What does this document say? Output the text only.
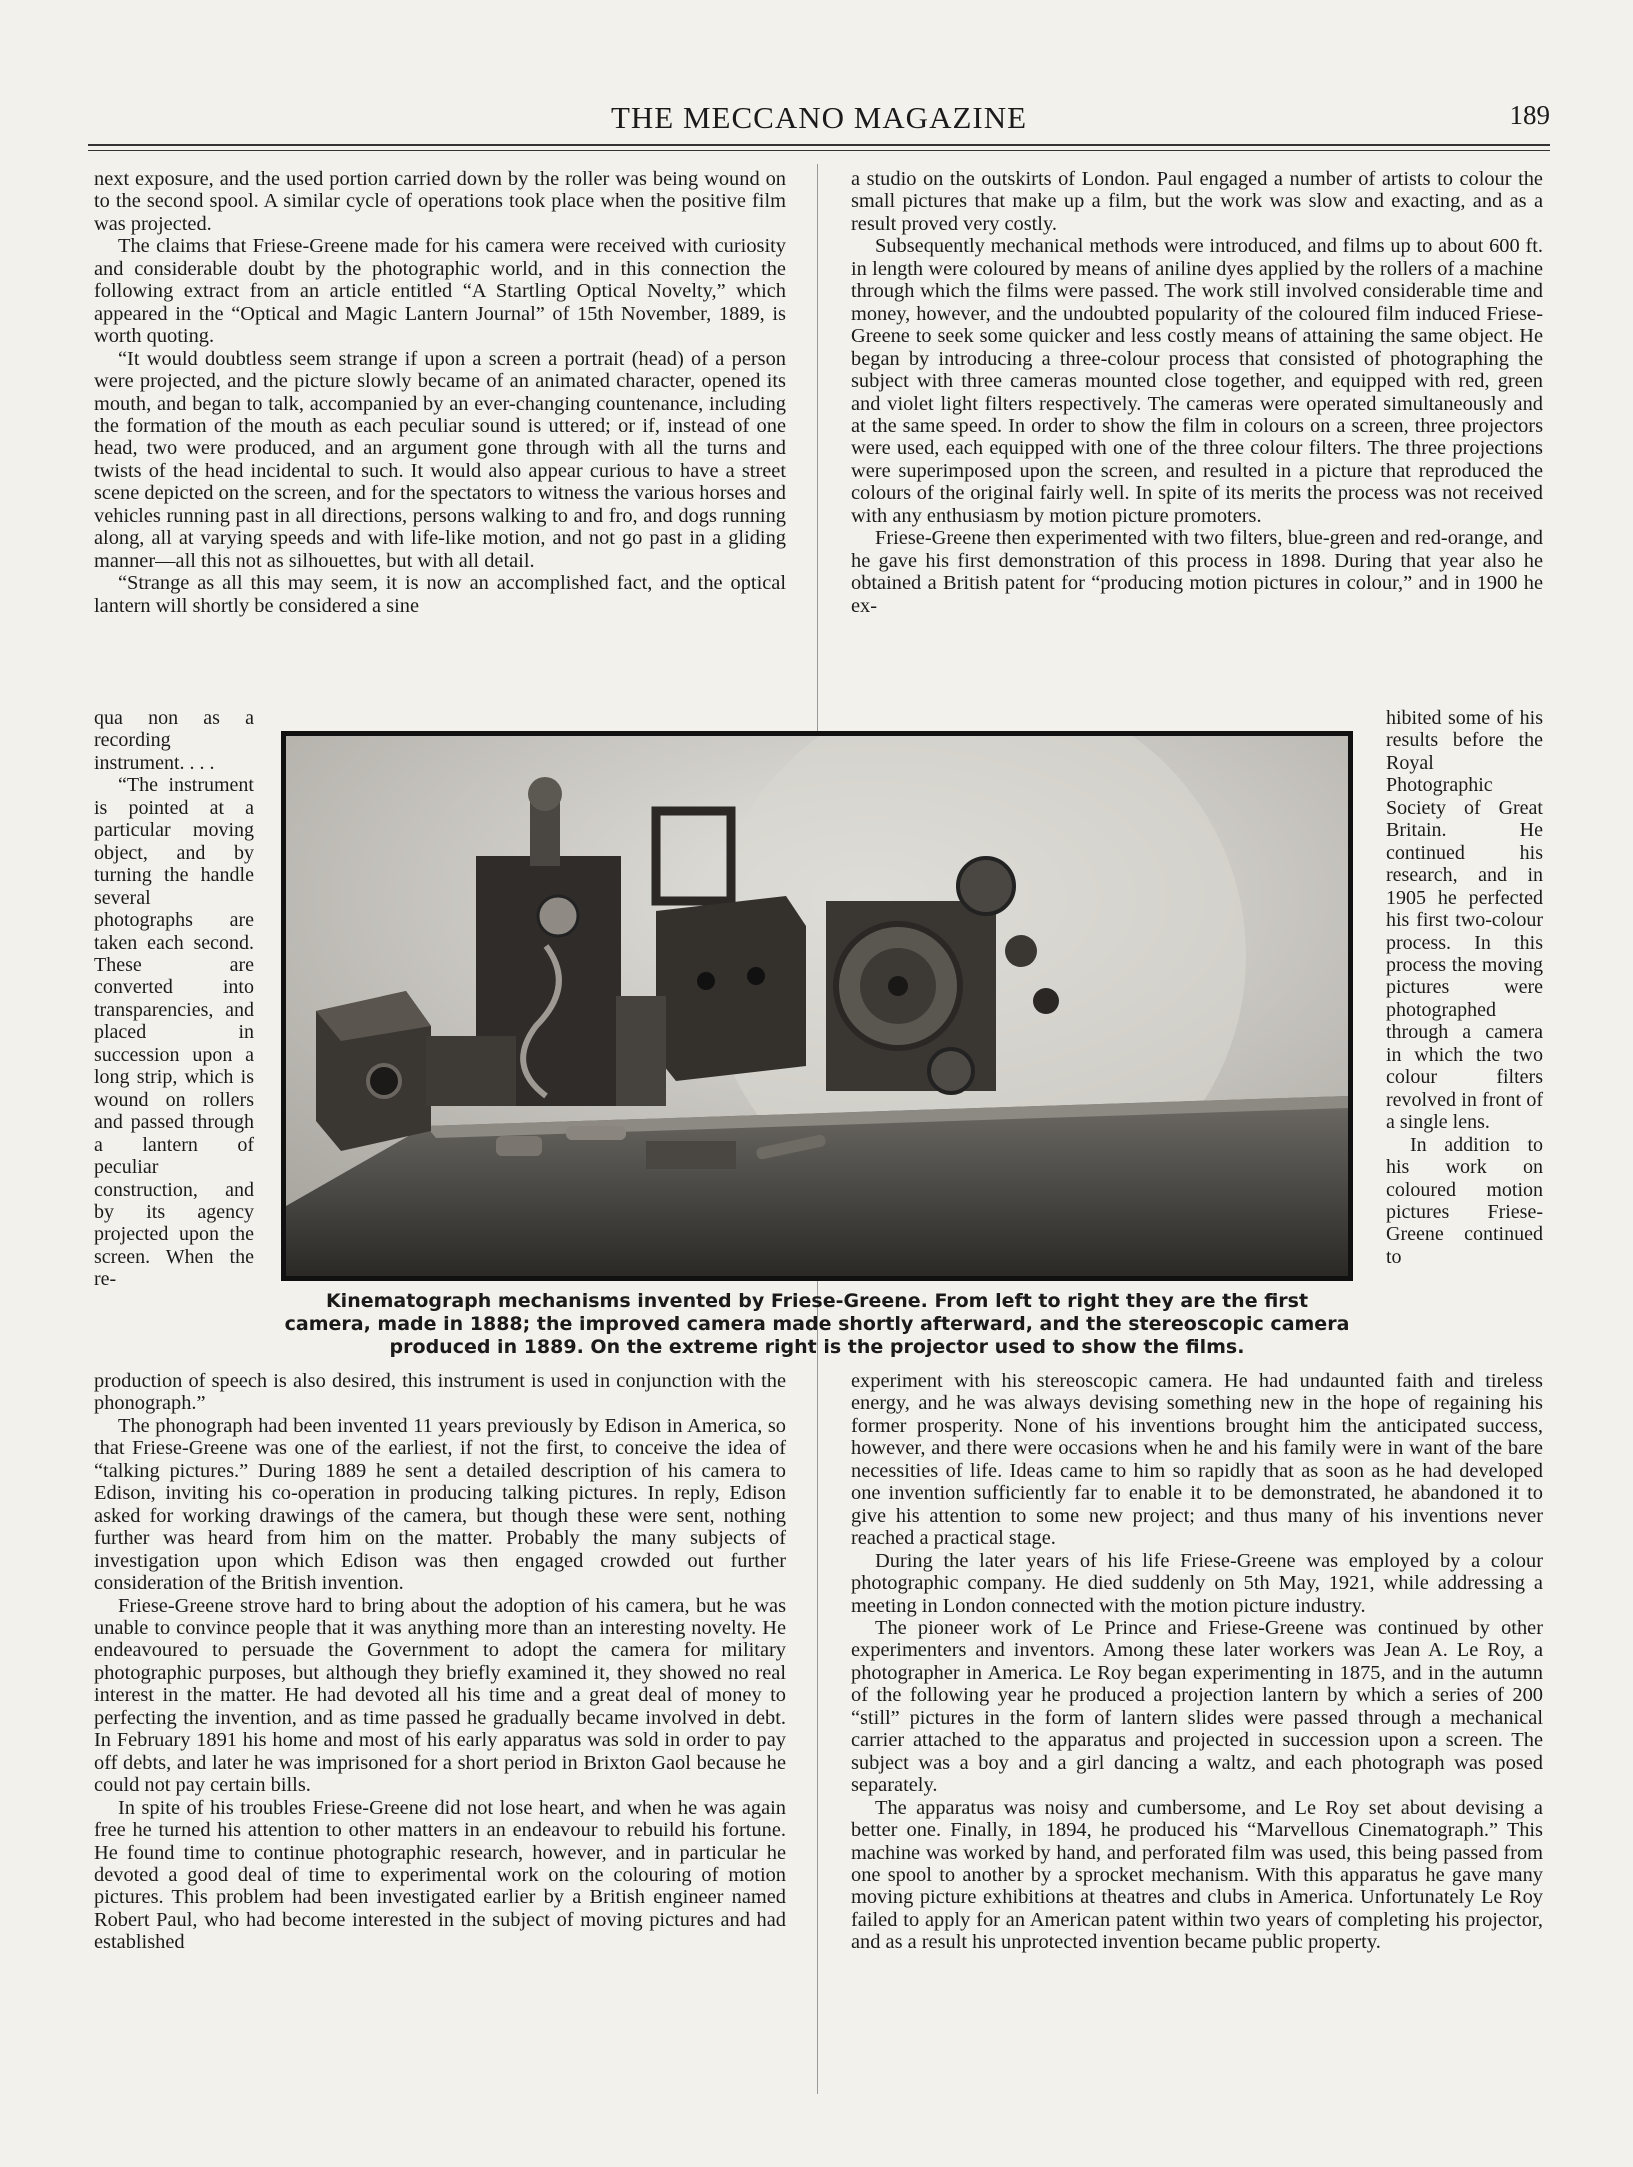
THE MECCANO MAGAZINE	189

next exposure, and the used portion carried down by the roller was being wound on to the second spool. A similar cycle of operations took place when the positive film was projected.

The claims that Friese-Greene made for his camera were received with curiosity and considerable doubt by the photographic world, and in this connection the following extract from an article entitled “A Startling Optical Novelty,” which appeared in the “Optical and Magic Lantern Journal” of 15th November, 1889, is worth quoting.

“It would doubtless seem strange if upon a screen a portrait (head) of a person were projected, and the picture slowly became of an animated character, opened its mouth, and began to talk, accompanied by an ever-changing countenance, including the formation of the mouth as each peculiar sound is uttered; or if, instead of one head, two were produced, and an argument gone through with all the turns and twists of the head incidental to such. It would also appear curious to have a street scene depicted on the screen, and for the spectators to witness the various horses and vehicles running past in all directions, persons walking to and fro, and dogs running along, all at varying speeds and with life-like motion, and not go past in a gliding manner—all this not as silhouettes, but with all detail.

“Strange as all this may seem, it is now an accomplished fact, and the optical lantern will shortly be considered a sine

qua non as a recording instrument. . . .

“The instrument is pointed at a particular moving object, and by turning the handle several photographs are taken each second. These are converted into transparencies, and placed in succession upon a long strip, which is wound on rollers and passed through a lantern of peculiar construction, and by its agency projected upon the screen. When the re-

a studio on the outskirts of London. Paul engaged a number of artists to colour the small pictures that make up a film, but the work was slow and exacting, and as a result proved very costly.

Subsequently mechanical methods were introduced, and films up to about 600 ft. in length were coloured by means of aniline dyes applied by the rollers of a machine through which the films were passed. The work still involved considerable time and money, however, and the undoubted popularity of the coloured film induced Friese-Greene to seek some quicker and less costly means of attaining the same object. He began by introducing a three-colour process that consisted of photographing the subject with three cameras mounted close together, and equipped with red, green and violet light filters respectively. The cameras were operated simultaneously and at the same speed. In order to show the film in colours on a screen, three projectors were used, each equipped with one of the three colour filters. The three projections were superimposed upon the screen, and resulted in a picture that reproduced the colours of the original fairly well. In spite of its merits the process was not received with any enthusiasm by motion picture promoters.

Friese-Greene then experimented with two filters, blue-green and red-orange, and he gave his first demonstration of this process in 1898. During that year also he obtained a British patent for “producing motion pictures in colour,” and in 1900 he ex-

hibited some of his results before the Royal Photographic Society of Great Britain. He continued his research, and in 1905 he perfected his first two-colour process. In this process the moving pictures were photographed through a camera in which the two colour filters revolved in front of a single lens.

In addition to his work on coloured motion pictures Friese-Greene continued to

Kinematograph mechanisms invented by Friese-Greene. From left to right they are the first camera, made in 1888; the improved camera made shortly afterward, and the stereoscopic camera produced in 1889. On the extreme right is the projector used to show the films.

production of speech is also desired, this instrument is used in conjunction with the phonograph.”

The phonograph had been invented 11 years previously by Edison in America, so that Friese-Greene was one of the earliest, if not the first, to conceive the idea of “talking pictures.” During 1889 he sent a detailed description of his camera to Edison, inviting his co-operation in producing talking pictures. In reply, Edison asked for working drawings of the camera, but though these were sent, nothing further was heard from him on the matter. Probably the many subjects of investigation upon which Edison was then engaged crowded out further consideration of the British invention.

Friese-Greene strove hard to bring about the adoption of his camera, but he was unable to convince people that it was anything more than an interesting novelty. He endeavoured to persuade the Government to adopt the camera for military photographic purposes, but although they briefly examined it, they showed no real interest in the matter. He had devoted all his time and a great deal of money to perfecting the invention, and as time passed he gradually became involved in debt. In February 1891 his home and most of his early apparatus was sold in order to pay off debts, and later he was imprisoned for a short period in Brixton Gaol because he could not pay certain bills.

In spite of his troubles Friese-Greene did not lose heart, and when he was again free he turned his attention to other matters in an endeavour to rebuild his fortune. He found time to continue photographic research, however, and in particular he devoted a good deal of time to experimental work on the colouring of motion pictures. This problem had been investigated earlier by a British engineer named Robert Paul, who had become interested in the subject of moving pictures and had established

experiment with his stereoscopic camera. He had undaunted faith and tireless energy, and he was always devising something new in the hope of regaining his former prosperity. None of his inventions brought him the anticipated success, however, and there were occasions when he and his family were in want of the bare necessities of life. Ideas came to him so rapidly that as soon as he had developed one invention sufficiently far to enable it to be demonstrated, he abandoned it to give his attention to some new project; and thus many of his inventions never reached a practical stage.

During the later years of his life Friese-Greene was employed by a colour photographic company. He died suddenly on 5th May, 1921, while addressing a meeting in London connected with the motion picture industry.

The pioneer work of Le Prince and Friese-Greene was continued by other experimenters and inventors. Among these later workers was Jean A. Le Roy, a photographer in America. Le Roy began experimenting in 1875, and in the autumn of the following year he produced a projection lantern by which a series of 200 “still” pictures in the form of lantern slides were passed through a mechanical carrier attached to the apparatus and projected in succession upon a screen. The subject was a boy and a girl dancing a waltz, and each photograph was posed separately.

The apparatus was noisy and cumbersome, and Le Roy set about devising a better one. Finally, in 1894, he produced his “Marvellous Cinematograph.” This machine was worked by hand, and perforated film was used, this being passed from one spool to another by a sprocket mechanism. With this apparatus he gave many moving picture exhibitions at theatres and clubs in America. Unfortunately Le Roy failed to apply for an American patent within two years of completing his projector, and as a result his unprotected invention became public property.
